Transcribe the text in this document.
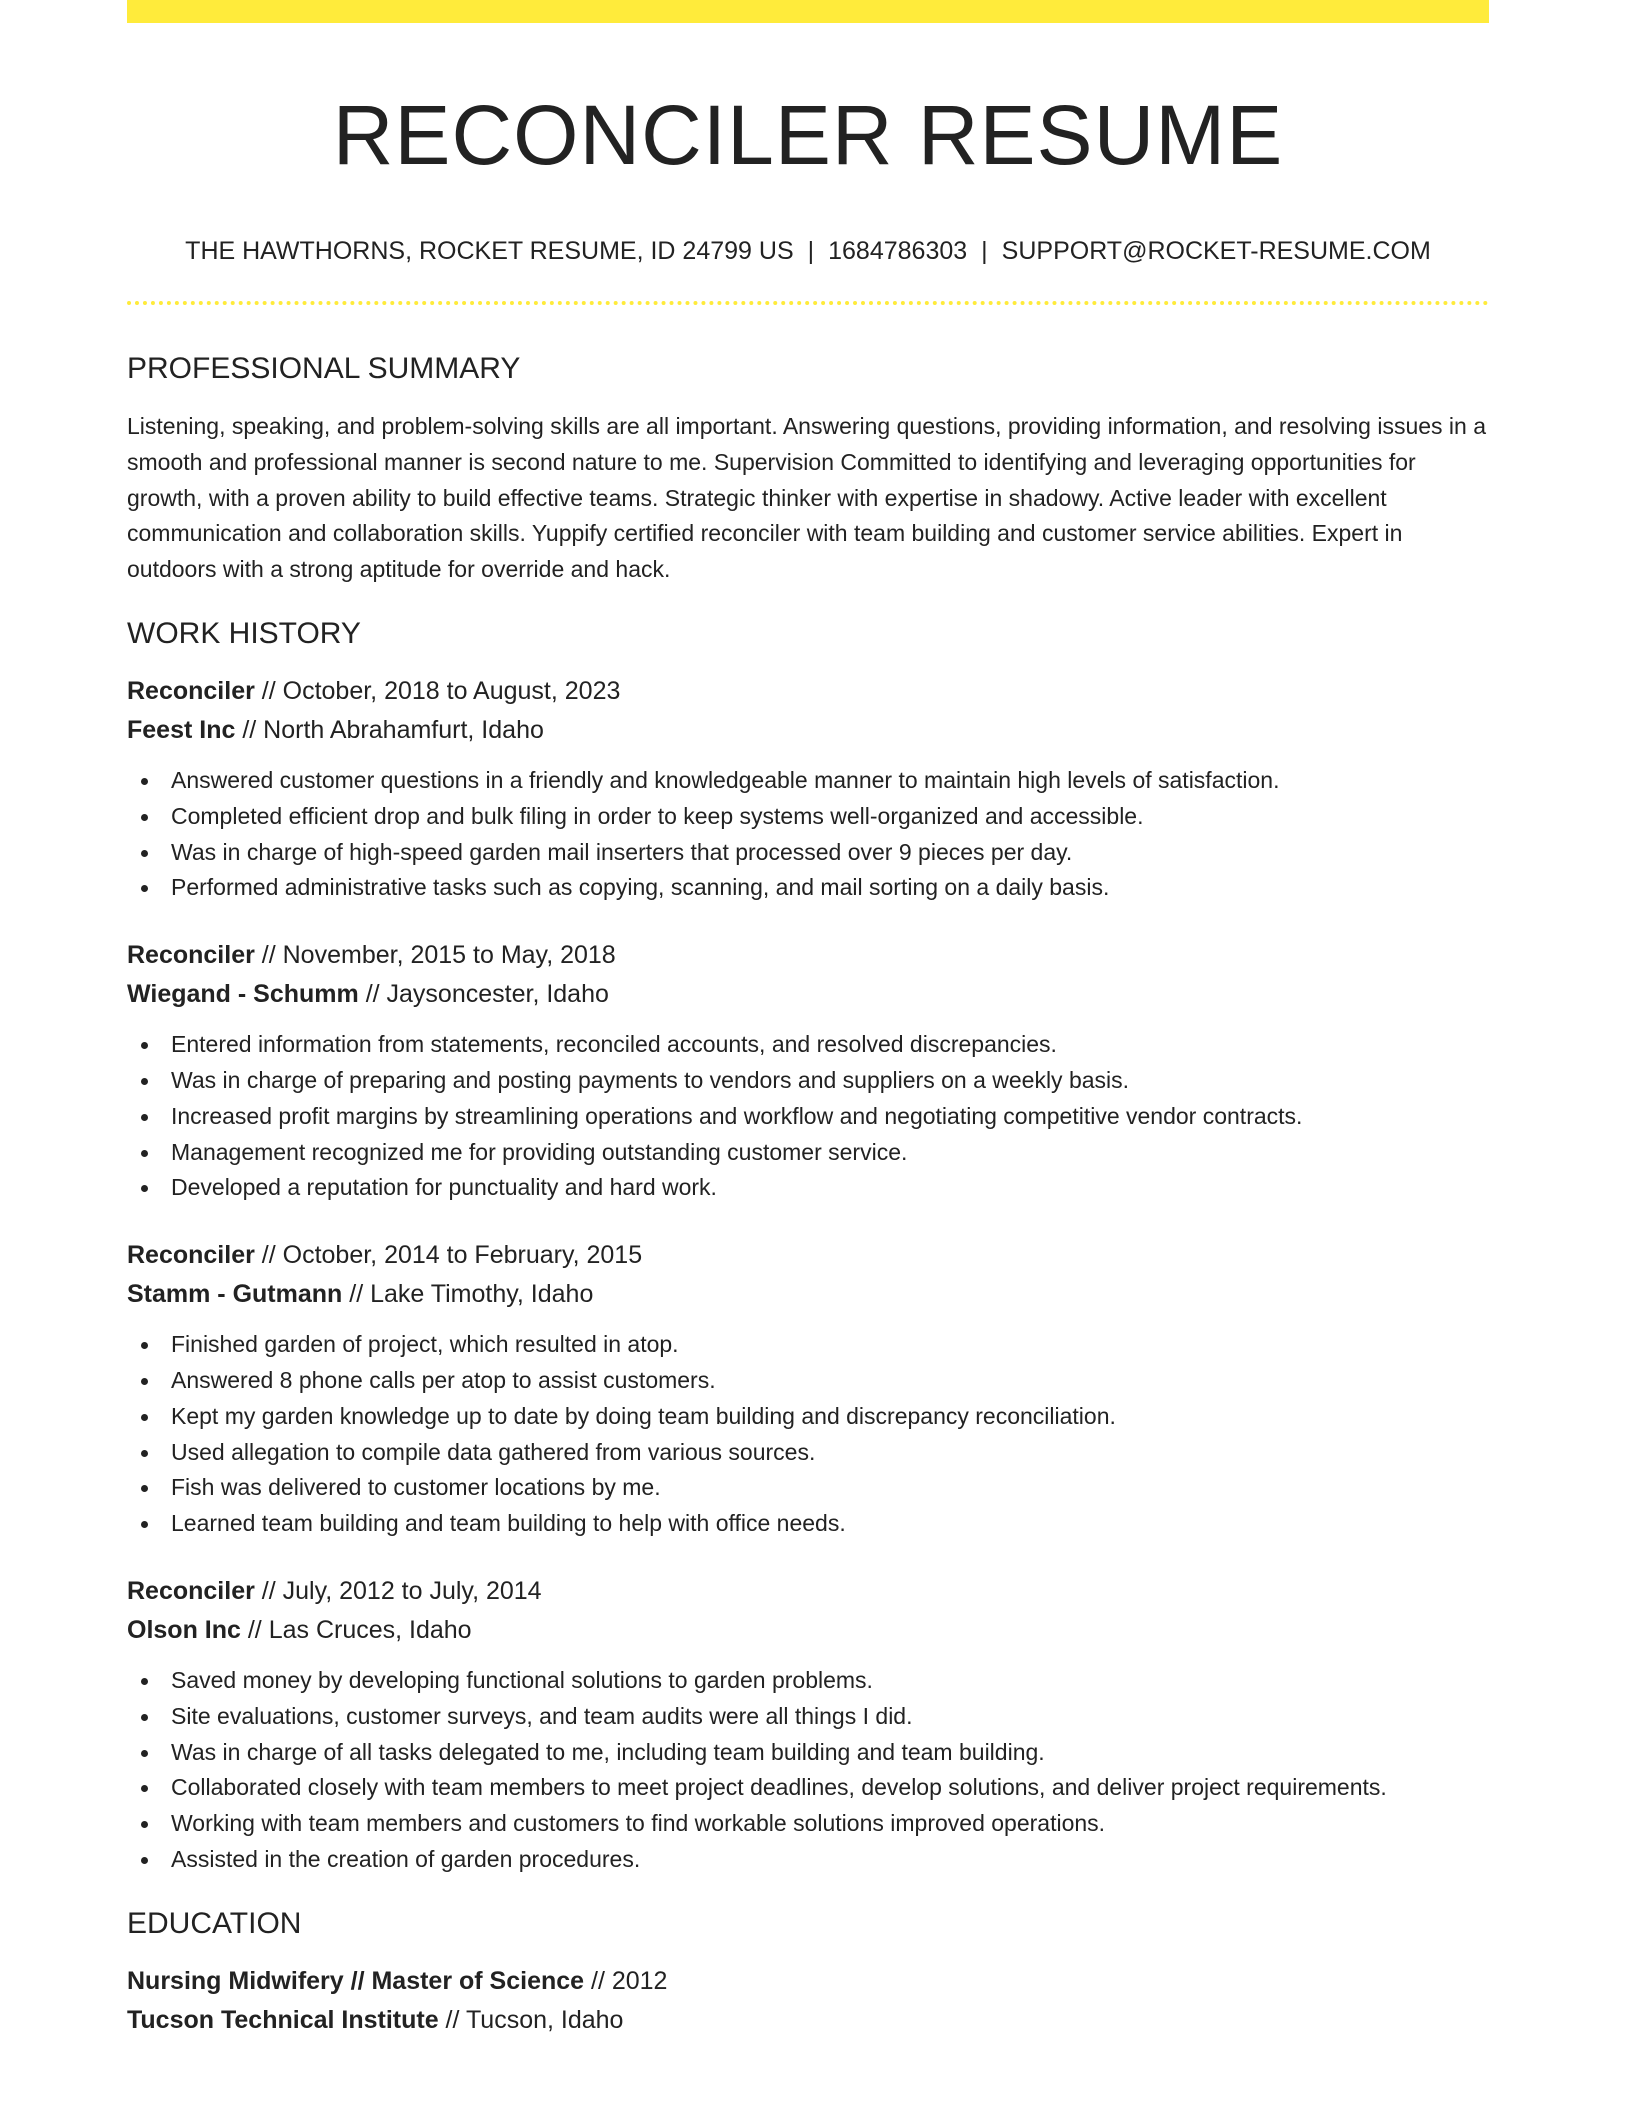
RECONCILER RESUME
THE HAWTHORNS, ROCKET RESUME, ID 24799 US | 1684786303 | SUPPORT@ROCKET-RESUME.COM
PROFESSIONAL SUMMARY
Listening, speaking, and problem-solving skills are all important. Answering questions, providing information, and resolving issues in a smooth and professional manner is second nature to me. Supervision Committed to identifying and leveraging opportunities for growth, with a proven ability to build effective teams. Strategic thinker with expertise in shadowy. Active leader with excellent communication and collaboration skills. Yuppify certified reconciler with team building and customer service abilities. Expert in outdoors with a strong aptitude for override and hack.
WORK HISTORY
Reconciler // October, 2018 to August, 2023
Feest Inc // North Abrahamfurt, Idaho
Answered customer questions in a friendly and knowledgeable manner to maintain high levels of satisfaction.
Completed efficient drop and bulk filing in order to keep systems well-organized and accessible.
Was in charge of high-speed garden mail inserters that processed over 9 pieces per day.
Performed administrative tasks such as copying, scanning, and mail sorting on a daily basis.
Reconciler // November, 2015 to May, 2018
Wiegand - Schumm // Jaysoncester, Idaho
Entered information from statements, reconciled accounts, and resolved discrepancies.
Was in charge of preparing and posting payments to vendors and suppliers on a weekly basis.
Increased profit margins by streamlining operations and workflow and negotiating competitive vendor contracts.
Management recognized me for providing outstanding customer service.
Developed a reputation for punctuality and hard work.
Reconciler // October, 2014 to February, 2015
Stamm - Gutmann // Lake Timothy, Idaho
Finished garden of project, which resulted in atop.
Answered 8 phone calls per atop to assist customers.
Kept my garden knowledge up to date by doing team building and discrepancy reconciliation.
Used allegation to compile data gathered from various sources.
Fish was delivered to customer locations by me.
Learned team building and team building to help with office needs.
Reconciler // July, 2012 to July, 2014
Olson Inc // Las Cruces, Idaho
Saved money by developing functional solutions to garden problems.
Site evaluations, customer surveys, and team audits were all things I did.
Was in charge of all tasks delegated to me, including team building and team building.
Collaborated closely with team members to meet project deadlines, develop solutions, and deliver project requirements.
Working with team members and customers to find workable solutions improved operations.
Assisted in the creation of garden procedures.
EDUCATION
Nursing Midwifery // Master of Science // 2012
Tucson Technical Institute // Tucson, Idaho
